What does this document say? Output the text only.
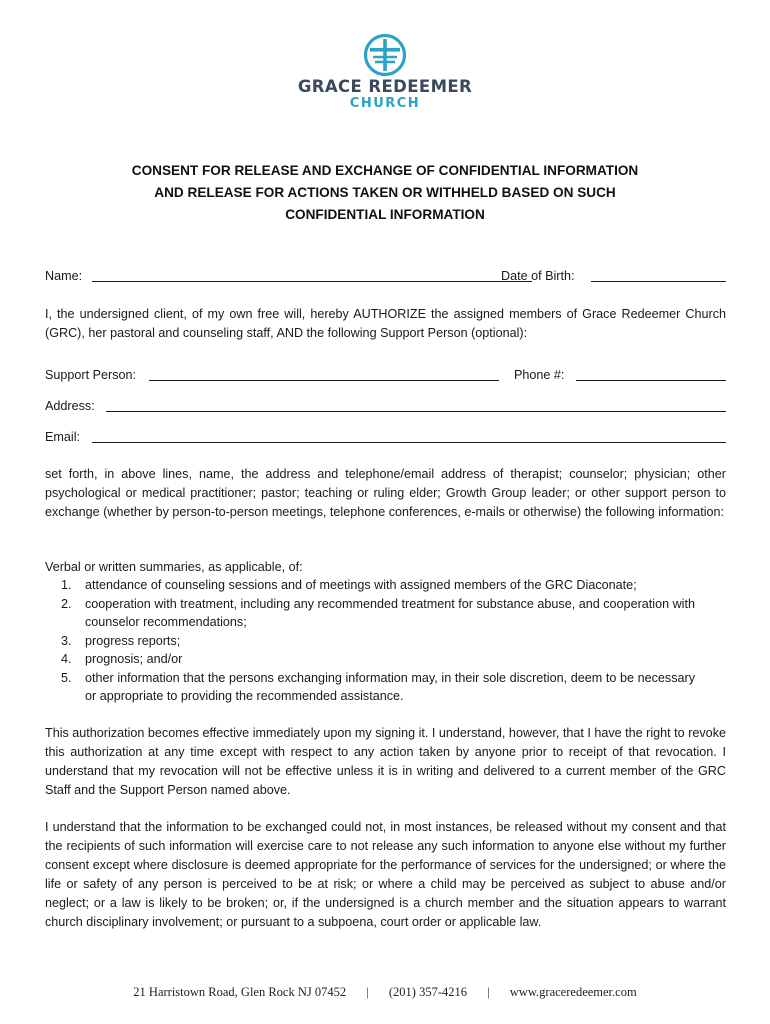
GRACE REDEEMER
CHURCH
CONSENT FOR RELEASE AND EXCHANGE OF CONFIDENTIAL INFORMATION
AND RELEASE FOR ACTIONS TAKEN OR WITHHELD BASED ON SUCH
CONFIDENTIAL INFORMATION
Name:	Date of Birth:
I, the undersigned client, of my own free will, hereby AUTHORIZE the assigned members of Grace Redeemer Church (GRC), her pastoral and counseling staff, AND the following Support Person (optional):
Support Person:	Phone #:
Address:
Email:
set forth, in above lines, name, the address and telephone/email address of therapist; counselor; physician; other psychological or medical practitioner; pastor; teaching or ruling elder; Growth Group leader; or other support person to exchange (whether by person-to-person meetings, telephone conferences, e-mails or otherwise) the following information:
Verbal or written summaries, as applicable, of:
1. attendance of counseling sessions and of meetings with assigned members of the GRC Diaconate;
2. cooperation with treatment, including any recommended treatment for substance abuse, and cooperation with counselor recommendations;
3. progress reports;
4. prognosis; and/or
5. other information that the persons exchanging information may, in their sole discretion, deem to be necessary or appropriate to providing the recommended assistance.
This authorization becomes effective immediately upon my signing it. I understand, however, that I have the right to revoke this authorization at any time except with respect to any action taken by anyone prior to receipt of that revocation. I understand that my revocation will not be effective unless it is in writing and delivered to a current member of the GRC Staff and the Support Person named above.
I understand that the information to be exchanged could not, in most instances, be released without my consent and that the recipients of such information will exercise care to not release any such information to anyone else without my further consent except where disclosure is deemed appropriate for the performance of services for the undersigned; or where the life or safety of any person is perceived to be at risk; or where a child may be perceived as subject to abuse and/or neglect; or a law is likely to be broken; or, if the undersigned is a church member and the situation appears to warrant church disciplinary involvement; or pursuant to a subpoena, court order or applicable law.
21 Harristown Road, Glen Rock NJ 07452 | (201) 357-4216 | www.graceredeemer.com
